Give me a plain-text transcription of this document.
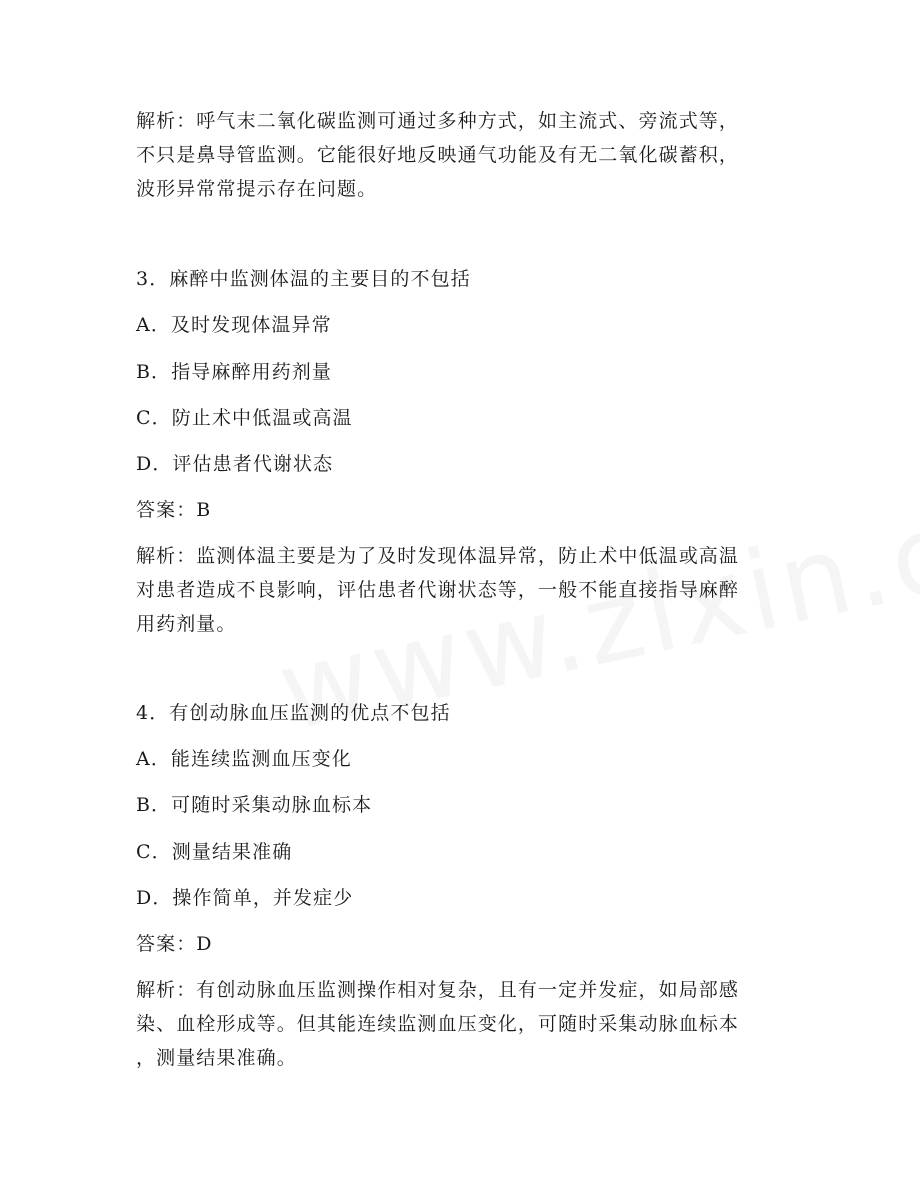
解析：呼气末二氧化碳监测可通过多种方式，如主流式、旁流式等，
不只是鼻导管监测。它能很好地反映通气功能及有无二氧化碳蓄积，
波形异常常提示存在问题。
3．麻醉中监测体温的主要目的不包括
A．及时发现体温异常
B．指导麻醉用药剂量
C．防止术中低温或高温
D．评估患者代谢状态
答案：B
解析：监测体温主要是为了及时发现体温异常，防止术中低温或高温
对患者造成不良影响，评估患者代谢状态等，一般不能直接指导麻醉
用药剂量。
4．有创动脉血压监测的优点不包括
A．能连续监测血压变化
B．可随时采集动脉血标本
C．测量结果准确
D．操作简单，并发症少
答案：D
解析：有创动脉血压监测操作相对复杂，且有一定并发症，如局部感
染、血栓形成等。但其能连续监测血压变化，可随时采集动脉血标本
，测量结果准确。
